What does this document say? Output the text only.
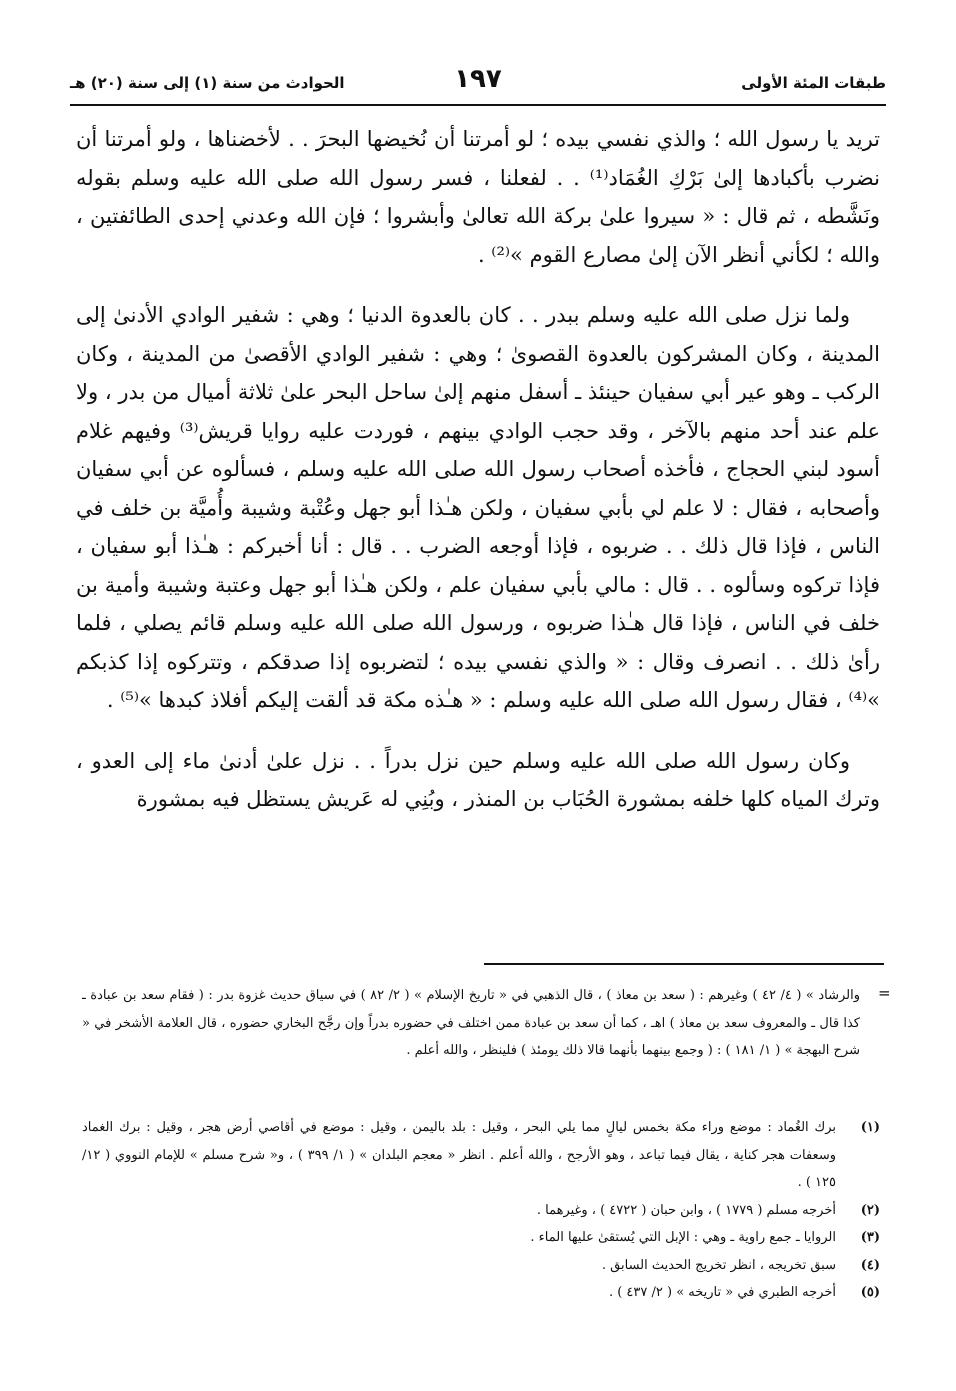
طبقات المئة الأولى
١٩٧
الحوادث من سنة (١) إلى سنة (٢٠) هـ

تريد يا رسول الله ؛ والذي نفسي بيده ؛ لو أمرتنا أن نُخيضها البحرَ . . لأخضناها ، ولو أمرتنا أن نضرب بأكبادها إلىٰ بَرْكِ الغُمَاد⁽¹⁾ . . لفعلنا ، فسر رسول الله صلى الله عليه وسلم بقوله ونَشَّطه ، ثم قال : « سيروا علىٰ بركة الله تعالىٰ وأبشروا ؛ فإن الله وعدني إحدى الطائفتين ، والله ؛ لكأني أنظر الآن إلىٰ مصارع القوم »⁽²⁾ .

ولما نزل صلى الله عليه وسلم ببدر . . كان بالعدوة الدنيا ؛ وهي : شفير الوادي الأدنىٰ إلى المدينة ، وكان المشركون بالعدوة القصوىٰ ؛ وهي : شفير الوادي الأقصىٰ من المدينة ، وكان الركب ـ وهو عير أبي سفيان حينئذ ـ أسفل منهم إلىٰ ساحل البحر علىٰ ثلاثة أميال من بدر ، ولا علم عند أحد منهم بالآخر ، وقد حجب الوادي بينهم ، فوردت عليه روايا قريش⁽³⁾ وفيهم غلام أسود لبني الحجاج ، فأخذه أصحاب رسول الله صلى الله عليه وسلم ، فسألوه عن أبي سفيان وأصحابه ، فقال : لا علم لي بأبي سفيان ، ولكن هـٰذا أبو جهل وعُتْبة وشيبة وأُميَّة بن خلف في الناس ، فإذا قال ذلك . . ضربوه ، فإذا أوجعه الضرب . . قال : أنا أخبركم : هـٰذا أبو سفيان ، فإذا تركوه وسألوه . . قال : مالي بأبي سفيان علم ، ولكن هـٰذا أبو جهل وعتبة وشيبة وأمية بن خلف في الناس ، فإذا قال هـٰذا ضربوه ، ورسول الله صلى الله عليه وسلم قائم يصلي ، فلما رأىٰ ذلك . . انصرف وقال : « والذي نفسي بيده ؛ لتضربوه إذا صدقكم ، وتتركوه إذا كذبكم »⁽⁴⁾ ، فقال رسول الله صلى الله عليه وسلم : « هـٰذه مكة قد ألقت إليكم أفلاذ كبدها »⁽⁵⁾ .

وكان رسول الله صلى الله عليه وسلم حين نزل بدراً . . نزل علىٰ أدنىٰ ماء إلى العدو ، وترك المياه كلها خلفه بمشورة الحُبَاب بن المنذر ، وبُنِي له عَريش يستظل فيه بمشورة

=
والرشاد » ( ٤/ ٤٢ ) وغيرهم : ( سعد بن معاذ ) ، قال الذهبي في « تاريخ الإسلام » ( ٢/ ٨٢ ) في سياق حديث غزوة بدر : ( فقام سعد بن عبادة ـ كذا قال ـ والمعروف سعد بن معاذ ) اهـ ، كما أن سعد بن عبادة ممن اختلف في حضوره بدراً وإن رجَّح البخاري حضوره ، قال العلامة الأشخر في « شرح البهجة » ( ١/ ١٨١ ) : ( وجمع بينهما بأنهما قالا ذلك يومئذ ) فلينظر ، والله أعلم .
(١)
برك الغُماد : موضع وراء مكة بخمس ليالٍ مما يلي البحر ، وقيل : بلد باليمن ، وقيل : موضع في أقاصي أرض هجر ، وقيل : برك الغماد وسعفات هجر كناية ، يقال فيما تباعد ، وهو الأرجح ، والله أعلم . انظر « معجم البلدان » ( ١/ ٣٩٩ ) ، و« شرح مسلم » للإمام النووي ( ١٢/ ١٢٥ ) .
(٢)
أخرجه مسلم ( ١٧٧٩ ) ، وابن حبان ( ٤٧٢٢ ) ، وغيرهما .
(٣)
الروايا ـ جمع راوية ـ وهي : الإبل التي يُستقىٰ عليها الماء .
(٤)
سبق تخريجه ، انظر تخريج الحديث السابق .
(٥)
أخرجه الطبري في « تاريخه » ( ٢/ ٤٣٧ ) .
